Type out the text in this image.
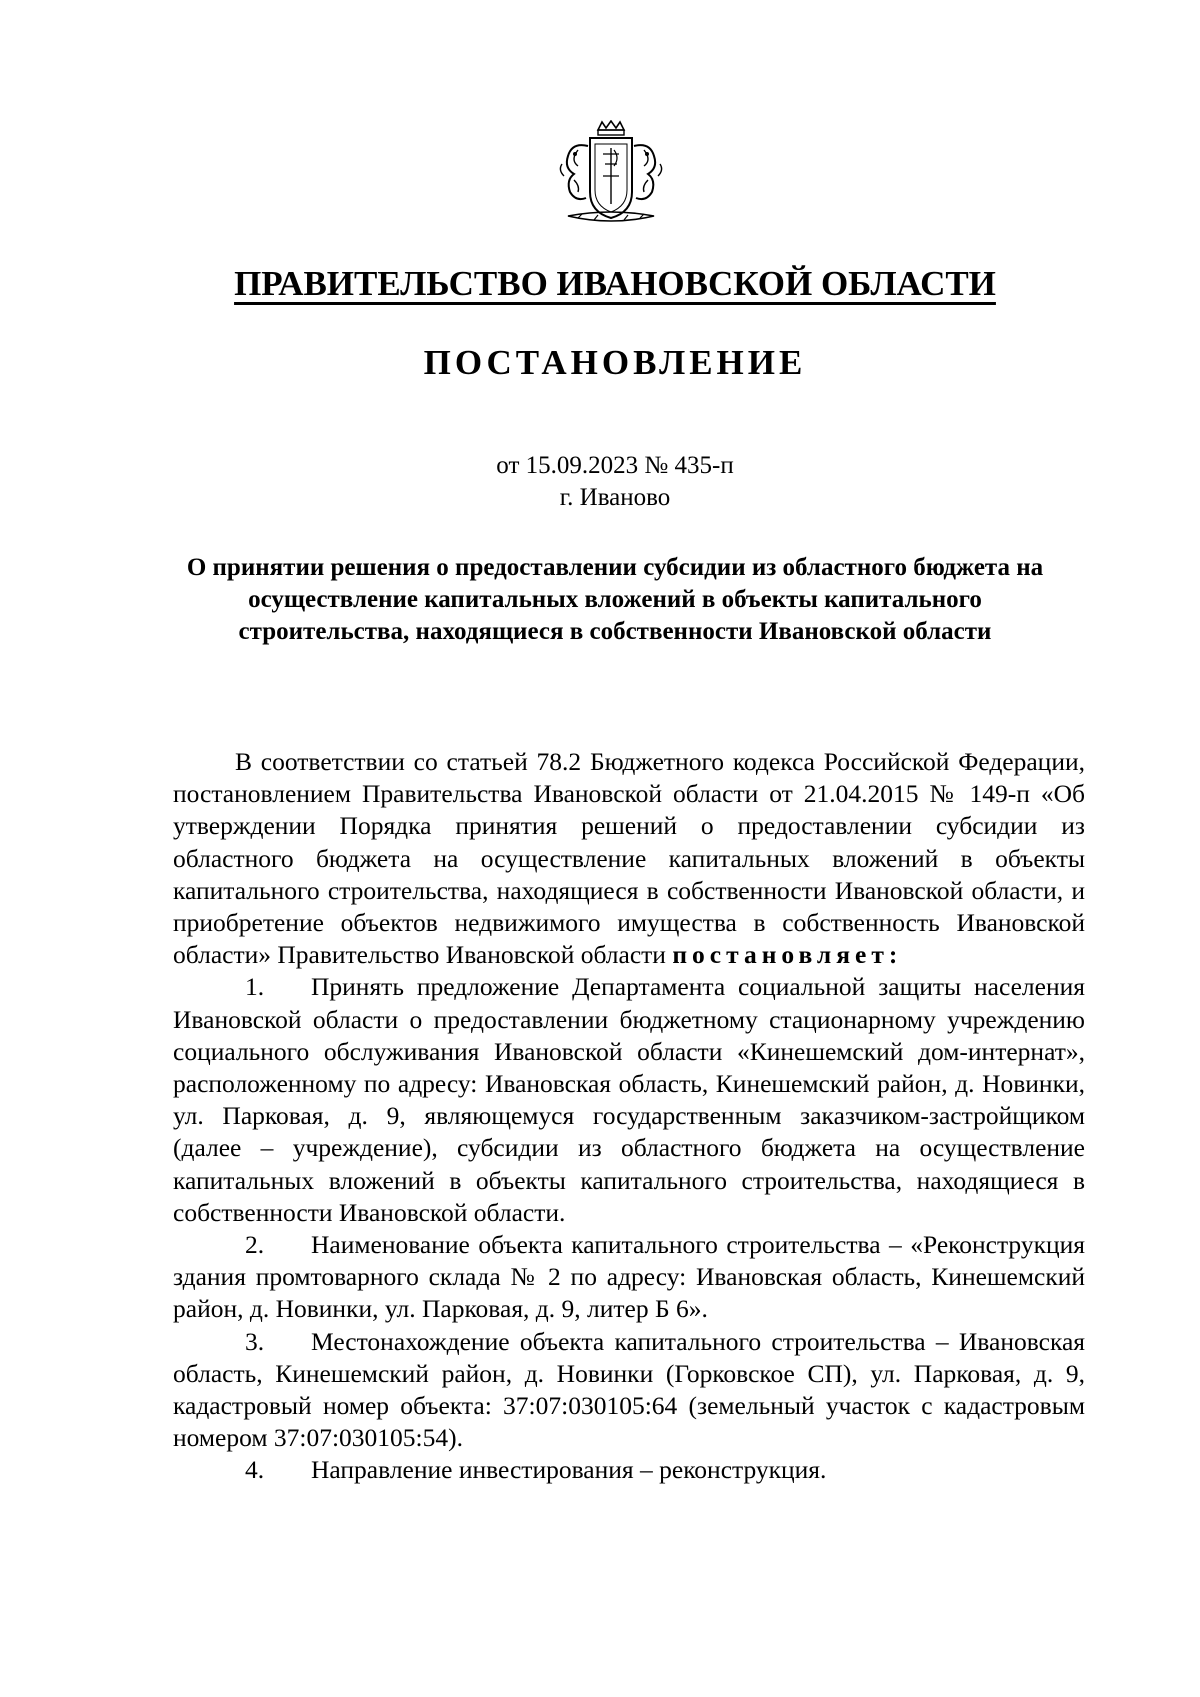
ПРАВИТЕЛЬСТВО ИВАНОВСКОЙ ОБЛАСТИ
ПОСТАНОВЛЕНИЕ
от 15.09.2023 № 435-п
г. Иваново
О принятии решения о предоставлении субсидии из областного бюджета на осуществление капитальных вложений в объекты капитального строительства, находящиеся в собственности Ивановской области

В соответствии со статьей 78.2 Бюджетного кодекса Российской Федерации, постановлением Правительства Ивановской области от 21.04.2015 № 149-п «Об утверждении Порядка принятия решений о предоставлении субсидии из областного бюджета на осуществление капитальных вложений в объекты капитального строительства, находящиеся в собственности Ивановской области, и приобретение объектов недвижимого имущества в собственность Ивановской области» Правительство Ивановской области постановляет:

1. Принять предложение Департамента социальной защиты населения Ивановской области о предоставлении бюджетному стационарному учреждению социального обслуживания Ивановской области «Кинешемский дом-интернат», расположенному по адресу: Ивановская область, Кинешемский район, д. Новинки, ул. Парковая, д. 9, являющемуся государственным заказчиком-застройщиком (далее – учреждение), субсидии из областного бюджета на осуществление капитальных вложений в объекты капитального строительства, находящиеся в собственности Ивановской области.

2. Наименование объекта капитального строительства – «Реконструкция здания промтоварного склада № 2 по адресу: Ивановская область, Кинешемский район, д. Новинки, ул. Парковая, д. 9, литер Б 6».

3. Местонахождение объекта капитального строительства – Ивановская область, Кинешемский район, д. Новинки (Горковское СП), ул. Парковая, д. 9, кадастровый номер объекта: 37:07:030105:64 (земельный участок с кадастровым номером 37:07:030105:54).

4. Направление инвестирования – реконструкция.
